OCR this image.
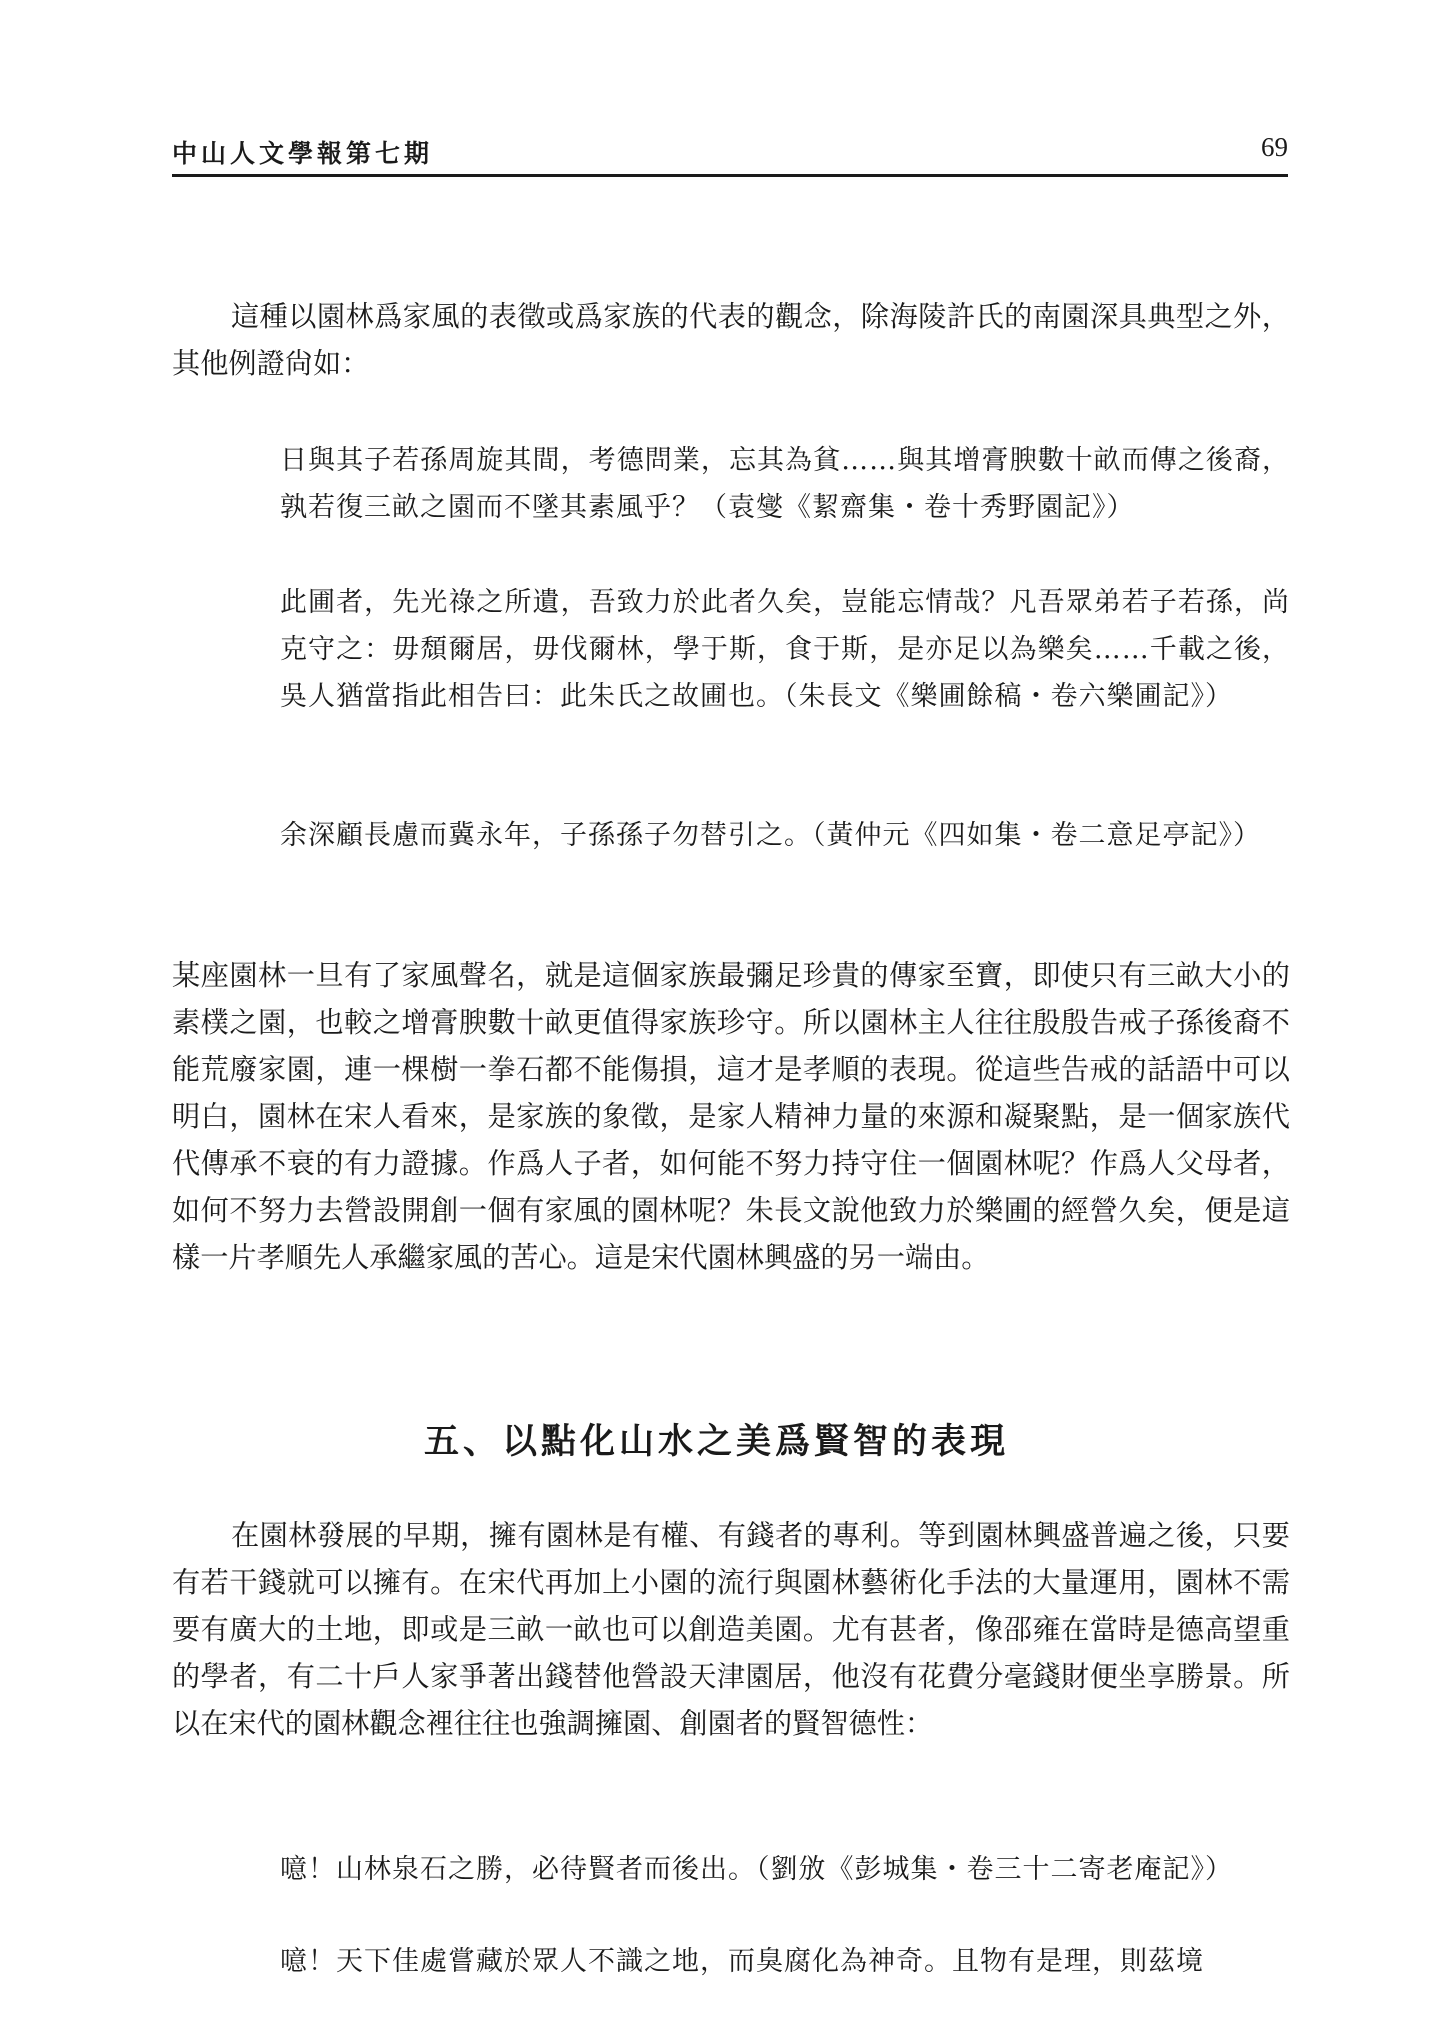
中山人文學報第七期	69

這種以園林爲家風的表徵或爲家族的代表的觀念，除海陵許氏的南園深具典型之外，其他例證尙如：

日與其子若孫周旋其間，考德問業，忘其為貧……與其增膏腴數十畝而傳之後裔，孰若復三畝之園而不墜其素風乎？（袁燮《絜齋集・卷十秀野園記》）

此圃者，先光祿之所遺，吾致力於此者久矣，豈能忘情哉？凡吾眾弟若子若孫，尚克守之：毋頹爾居，毋伐爾林，學于斯，食于斯，是亦足以為樂矣……千載之後，吳人猶當指此相告曰：此朱氏之故圃也。（朱長文《樂圃餘稿・卷六樂圃記》）

余深顧長慮而冀永年，子孫孫子勿替引之。（黃仲元《四如集・卷二意足亭記》）

某座園林一旦有了家風聲名，就是這個家族最彌足珍貴的傳家至寶，即使只有三畝大小的素樸之園，也較之增膏腴數十畝更值得家族珍守。所以園林主人往往殷殷告戒子孫後裔不能荒廢家園，連一棵樹一拳石都不能傷損，這才是孝順的表現。從這些告戒的話語中可以明白，園林在宋人看來，是家族的象徵，是家人精神力量的來源和凝聚點，是一個家族代代傳承不衰的有力證據。作爲人子者，如何能不努力持守住一個園林呢？作爲人父母者，如何不努力去營設開創一個有家風的園林呢？朱長文說他致力於樂圃的經營久矣，便是這樣一片孝順先人承繼家風的苦心。這是宋代園林興盛的另一端由。

五、以點化山水之美爲賢智的表現

在園林發展的早期，擁有園林是有權、有錢者的專利。等到園林興盛普遍之後，只要有若干錢就可以擁有。在宋代再加上小園的流行與園林藝術化手法的大量運用，園林不需要有廣大的土地，即或是三畝一畝也可以創造美園。尤有甚者，像邵雍在當時是德高望重的學者，有二十戶人家爭著出錢替他營設天津園居，他沒有花費分毫錢財便坐享勝景。所以在宋代的園林觀念裡往往也強調擁園、創園者的賢智德性：

噫！山林泉石之勝，必待賢者而後出。（劉攽《彭城集・卷三十二寄老庵記》）

噫！天下佳處嘗藏於眾人不識之地，而臭腐化為神奇。且物有是理，則茲境
